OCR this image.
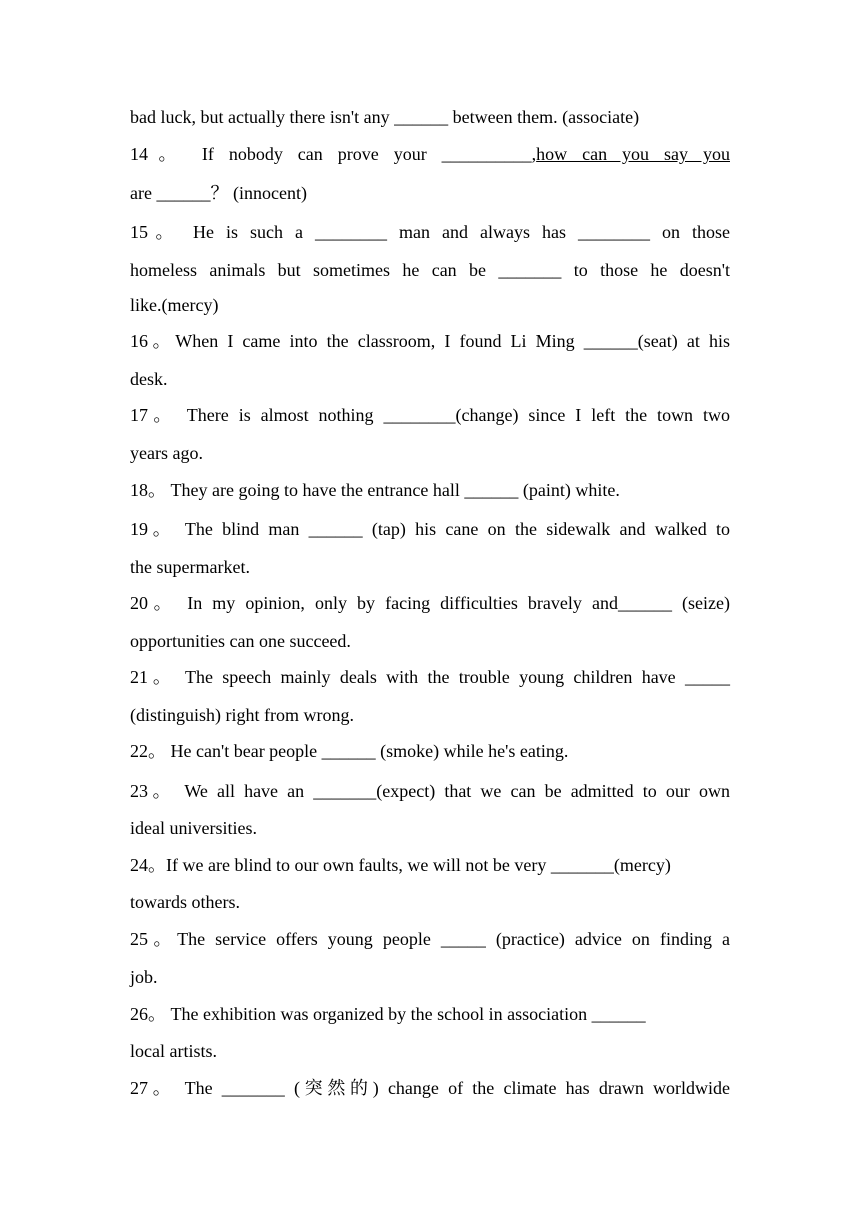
bad luck, but actually there isn't any ______ between them. (associate)
14。 If nobody can prove your __________,how can you say you
are ______？ (innocent)
15。 He is such a ________ man and always has ________ on those
homeless animals but sometimes he can be _______ to those he doesn't
like.(mercy)
16。When I came into the classroom, I found Li Ming ______(seat) at his
desk.
17。 There is almost nothing ________(change) since I left the town two
years ago.
18。 They are going to have the entrance hall ______ (paint) white.
19。 The blind man ______ (tap) his cane on the sidewalk and walked to
the supermarket.
20。 In my opinion, only by facing difficulties bravely and______ (seize)
opportunities can one succeed.
21。 The speech mainly deals with the trouble young children have _____
(distinguish) right from wrong.
22。 He can't bear people ______ (smoke) while he's eating.
23。 We all have an _______(expect) that we can be admitted to our own
ideal universities.
24。If we are blind to our own faults, we will not be very _______(mercy)
towards others.
25。The service offers young people _____ (practice) advice on finding a
job.
26。 The exhibition was organized by the school in association ______
local artists.
27。 The _______ (突然的) change of the climate has drawn worldwide
